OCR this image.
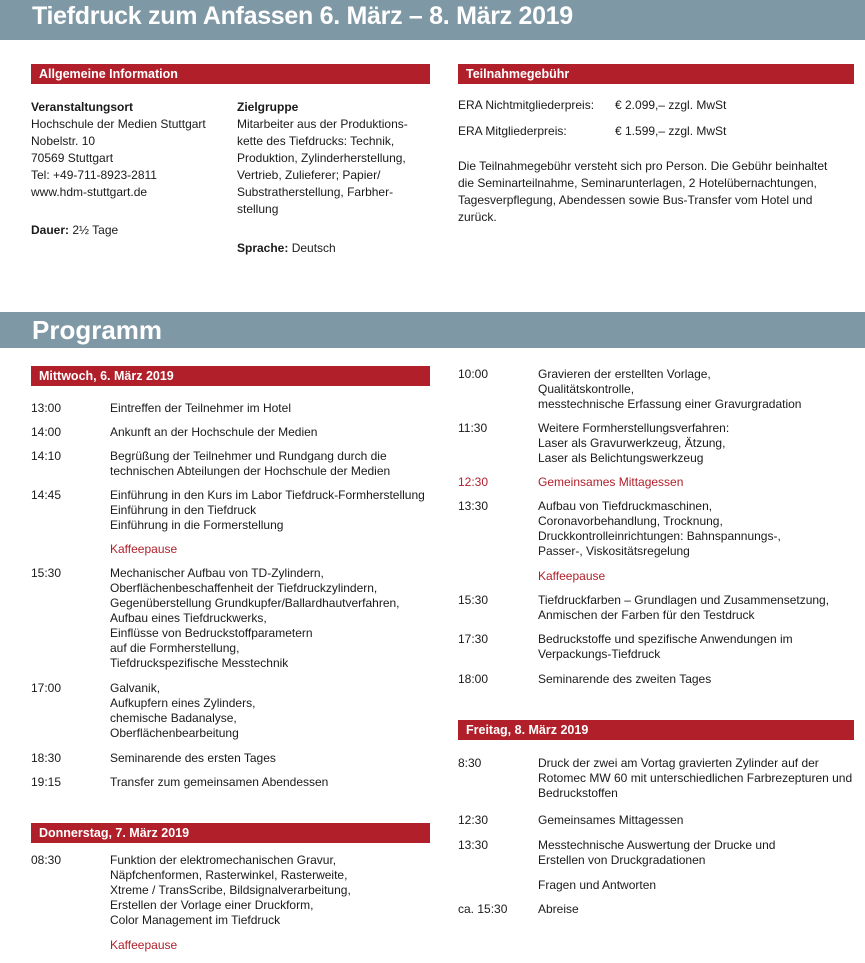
Tiefdruck zum Anfassen 6. März – 8. März 2019
Allgemeine Information
Veranstaltungsort
Hochschule der Medien Stuttgart
Nobelstr. 10
70569 Stuttgart
Tel: +49-711-8923-2811
www.hdm-stuttgart.de
Dauer: 2½ Tage
Zielgruppe
Mitarbeiter aus der Produktions-
kette des Tiefdrucks: Technik,
Produktion, Zylinderherstellung,
Vertrieb, Zulieferer; Papier/
Substratherstellung, Farbher-
stellung
Sprache: Deutsch
Teilnahmegebühr
ERA Nichtmitgliederpreis: € 2.099,– zzgl. MwSt
ERA Mitgliederpreis:	€ 1.599,– zzgl. MwSt
Die Teilnahmegebühr versteht sich pro Person. Die Gebühr beinhaltet
die Seminarteilnahme, Seminarunterlagen, 2 Hotelübernachtungen,
Tagesverpflegung, Abendessen sowie Bus-Transfer vom Hotel und
zurück.
Programm
Mittwoch, 6. März 2019
Donnerstag, 7. März 2019
Freitag, 8. März 2019
13:00	Eintreffen der Teilnehmer im Hotel
14:00	Ankunft an der Hochschule der Medien
14:10	Begrüßung der Teilnehmer und Rundgang durch die
technischen Abteilungen der Hochschule der Medien
14:45	Einführung in den Kurs im Labor Tiefdruck-Formherstellung
Einführung in den Tiefdruck
Einführung in die Formerstellung
Kaffeepause
15:30	Mechanischer Aufbau von TD-Zylindern,
Oberflächenbeschaffenheit der Tiefdruckzylindern,
Gegenüberstellung Grundkupfer/Ballardhautverfahren,
Aufbau eines Tiefdruckwerks,
Einflüsse von Bedruckstoffparametern
auf die Formherstellung,
Tiefdruckspezifische Messtechnik
17:00	Galvanik,
Aufkupfern eines Zylinders,
chemische Badanalyse,
Oberflächenbearbeitung
18:30	Seminarende des ersten Tages
19:15	Transfer zum gemeinsamen Abendessen
08:30	Funktion der elektromechanischen Gravur,
Näpfchenformen, Rasterwinkel, Rasterweite,
Xtreme / TransScribe, Bildsignalverarbeitung,
Erstellen der Vorlage einer Druckform,
Color Management im Tiefdruck
Kaffeepause
10:00	Gravieren der erstellten Vorlage,
Qualitätskontrolle,
messtechnische Erfassung einer Gravurgradation
11:30	Weitere Formherstellungsverfahren:
Laser als Gravurwerkzeug, Ätzung,
Laser als Belichtungswerkzeug
12:30	Gemeinsames Mittagessen
13:30	Aufbau von Tiefdruckmaschinen,
Coronavorbehandlung, Trocknung,
Druckkontrolleinrichtungen: Bahnspannungs-,
Passer-, Viskositätsregelung
Kaffeepause
15:30	Tiefdruckfarben – Grundlagen und Zusammensetzung,
Anmischen der Farben für den Testdruck
17:30	Bedruckstoffe und spezifische Anwendungen im
Verpackungs-Tiefdruck
18:00	Seminarende des zweiten Tages
8:30	Druck der zwei am Vortag gravierten Zylinder auf der
Rotomec MW 60 mit unterschiedlichen Farbrezepturen und
Bedruckstoffen
12:30	Gemeinsames Mittagessen
13:30	Messtechnische Auswertung der Drucke und
Erstellen von Druckgradationen
Fragen und Antworten
ca. 15:30	Abreise
